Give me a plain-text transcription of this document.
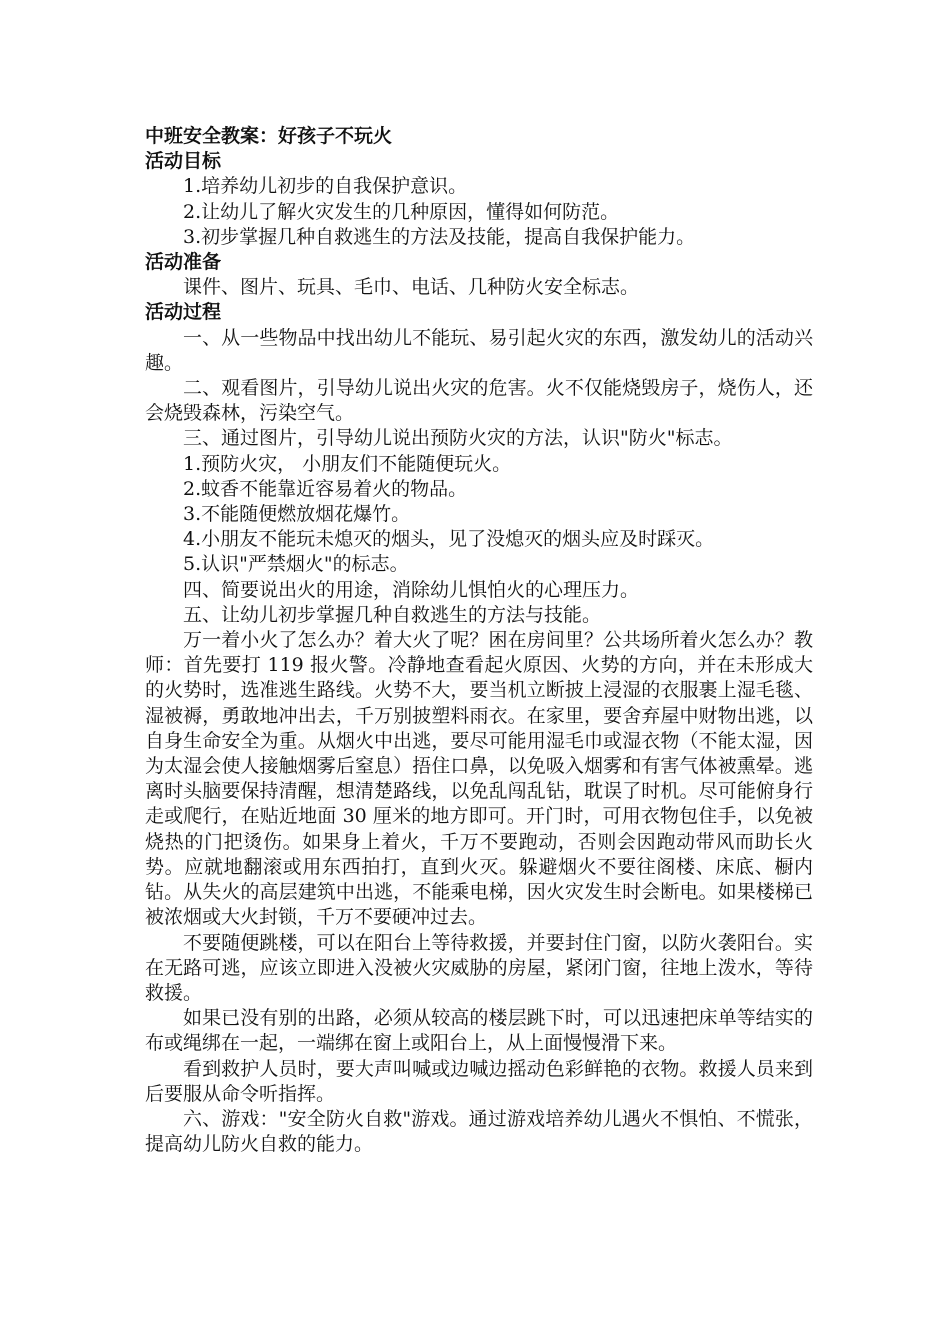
中班安全教案：好孩子不玩火
活动目标
1.培养幼儿初步的自我保护意识。
2.让幼儿了解火灾发生的几种原因，懂得如何防范。
3.初步掌握几种自救逃生的方法及技能，提高自我保护能力。
活动准备
课件、图片、玩具、毛巾、电话、几种防火安全标志。
活动过程
一、从一些物品中找出幼儿不能玩、易引起火灾的东西，激发幼儿的活动兴趣。
二、观看图片，引导幼儿说出火灾的危害。火不仅能烧毁房子，烧伤人，还会烧毁森林，污染空气。
三、通过图片，引导幼儿说出预防火灾的方法，认识"防火"标志。
1.预防火灾， 小朋友们不能随便玩火。
2.蚊香不能靠近容易着火的物品。
3.不能随便燃放烟花爆竹。
4.小朋友不能玩未熄灭的烟头，见了没熄灭的烟头应及时踩灭。
5.认识"严禁烟火"的标志。
四、简要说出火的用途，消除幼儿惧怕火的心理压力。
五、让幼儿初步掌握几种自救逃生的方法与技能。
万一着小火了怎么办？着大火了呢？困在房间里？公共场所着火怎么办？教师：首先要打 119 报火警。冷静地查看起火原因、火势的方向，并在未形成大的火势时，选准逃生路线。火势不大，要当机立断披上浸湿的衣服裹上湿毛毯、湿被褥，勇敢地冲出去，千万别披塑料雨衣。在家里，要舍弃屋中财物出逃，以自身生命安全为重。从烟火中出逃，要尽可能用湿毛巾或湿衣物（不能太湿，因为太湿会使人接触烟雾后窒息）捂住口鼻，以免吸入烟雾和有害气体被熏晕。逃离时头脑要保持清醒，想清楚路线，以免乱闯乱钻，耽误了时机。尽可能俯身行走或爬行，在贴近地面 30 厘米的地方即可。开门时，可用衣物包住手，以免被烧热的门把烫伤。如果身上着火，千万不要跑动，否则会因跑动带风而助长火势。应就地翻滚或用东西拍打，直到火灭。躲避烟火不要往阁楼、床底、橱内钻。从失火的高层建筑中出逃，不能乘电梯，因火灾发生时会断电。如果楼梯已被浓烟或大火封锁，千万不要硬冲过去。
不要随便跳楼，可以在阳台上等待救援，并要封住门窗，以防火袭阳台。实在无路可逃，应该立即进入没被火灾威胁的房屋，紧闭门窗，往地上泼水，等待救援。
如果已没有别的出路，必须从较高的楼层跳下时，可以迅速把床单等结实的布或绳绑在一起，一端绑在窗上或阳台上，从上面慢慢滑下来。
看到救护人员时，要大声叫喊或边喊边摇动色彩鲜艳的衣物。救援人员来到后要服从命令听指挥。
六、游戏："安全防火自救"游戏。通过游戏培养幼儿遇火不惧怕、不慌张，提高幼儿防火自救的能力。
